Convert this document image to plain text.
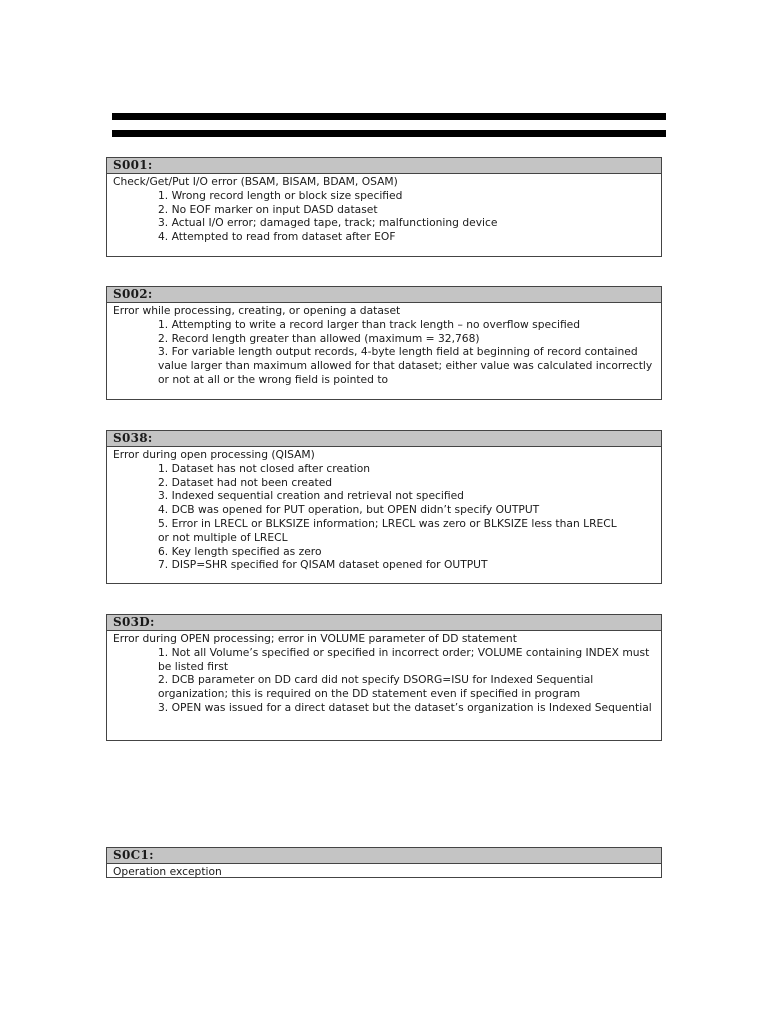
S001:
Check/Get/Put I/O error (BSAM, BISAM, BDAM, OSAM)
1. Wrong record length or block size specified
2. No EOF marker on input DASD dataset
3. Actual I/O error; damaged tape, track; malfunctioning device
4. Attempted to read from dataset after EOF
S002:
Error while processing, creating, or opening a dataset
1. Attempting to write a record larger than track length – no overflow specified
2. Record length greater than allowed (maximum = 32,768)
3. For variable length output records, 4-byte length field at beginning of record contained value larger than maximum allowed for that dataset; either value was calculated incorrectly or not at all or the wrong field is pointed to
S038:
Error during open processing (QISAM)
1. Dataset has not closed after creation
2. Dataset had not been created
3. Indexed sequential creation and retrieval not specified
4. DCB was opened for PUT operation, but OPEN didn’t specify OUTPUT
5. Error in LRECL or BLKSIZE information; LRECL was zero or BLKSIZE less than LRECL
or not multiple of LRECL
6. Key length specified as zero
7. DISP=SHR specified for QISAM dataset opened for OUTPUT
S03D:
Error during OPEN processing; error in VOLUME parameter of DD statement
1. Not all Volume’s specified or specified in incorrect order; VOLUME containing INDEX must be listed first
2. DCB parameter on DD card did not specify DSORG=ISU for Indexed Sequential organization; this is required on the DD statement even if specified in program
3. OPEN was issued for a direct dataset but the dataset’s organization is Indexed Sequential
S0C1:
Operation exception
